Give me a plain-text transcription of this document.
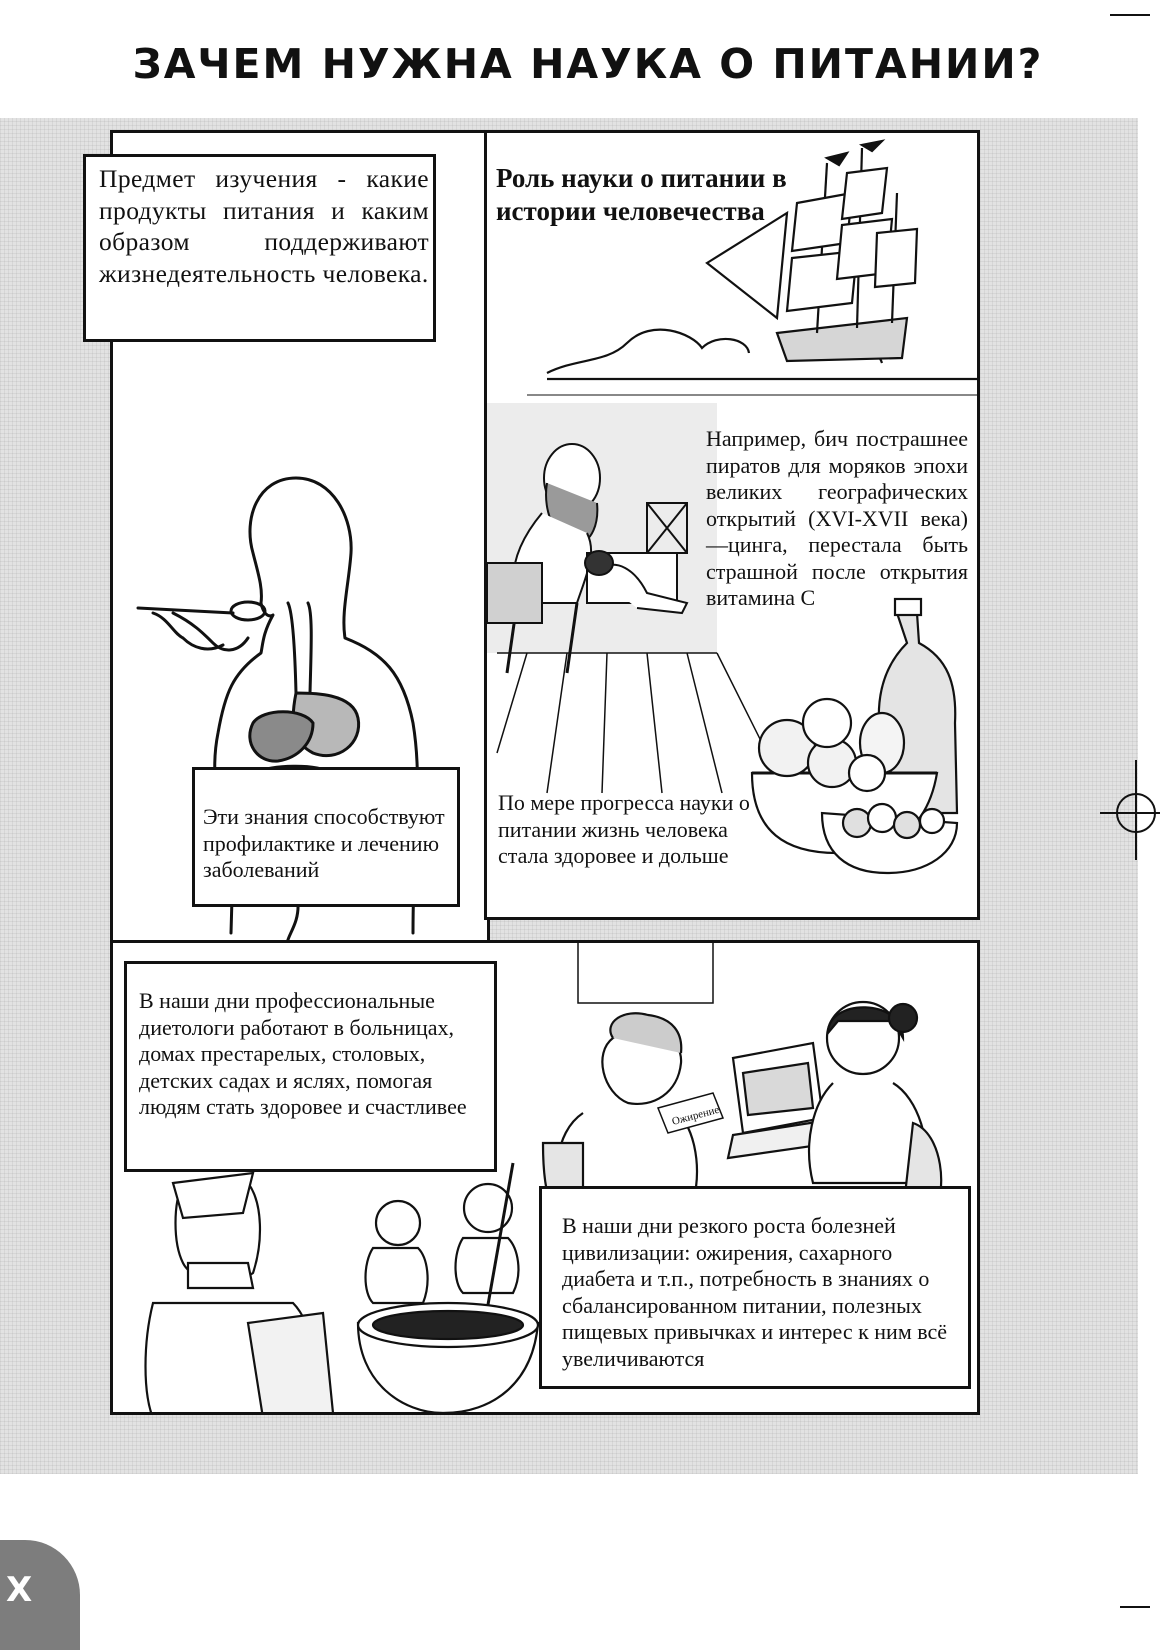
ЗАЧЕМ НУЖНА НАУКА О ПИТАНИИ?
Предмет изучения - какие продукты питания и каким образом поддерживают жизнедеятельность человека.
Эти знания способствуют профилактике и лечению заболеваний
Роль науки о питании в истории человечества
Например, бич пострашнее пиратов для моряков эпохи великих географических открытий (XVI-XVII века)—цинга, перестала быть страшной после открытия витамина С
По мере прогресса науки о питании жизнь человека стала здоровее и дольше
Ожирение
В наши дни профессиональные диетологи работают в больницах, домах престарелых, столовых, детских садах и яслях, помогая людям стать здоровее и счастливее
В наши дни резкого роста болезней цивилизации: ожирения, сахарного диабета и т.п., потребность в знаниях о сбалансированном питании, полезных пищевых привычках и интерес к ним всё увеличиваются
X
